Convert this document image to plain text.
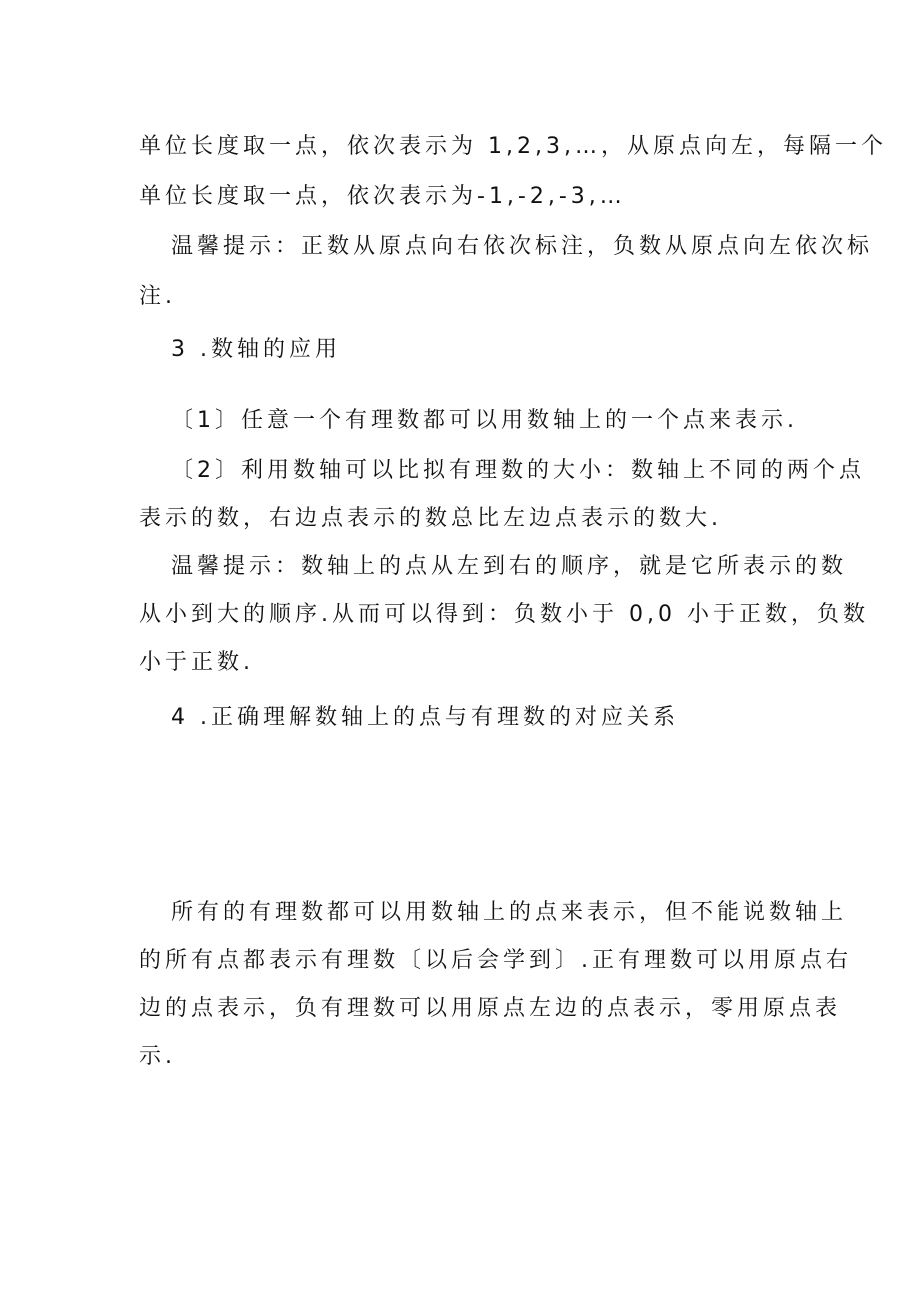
单位长度取一点，依次表示为 1,2,3,…，从原点向左，每隔一个
单位长度取一点，依次表示为-1,-2,-3,…
温馨提示：正数从原点向右依次标注，负数从原点向左依次标
注.
3 .数轴的应用
〔1〕任意一个有理数都可以用数轴上的一个点来表示.
〔2〕利用数轴可以比拟有理数的大小：数轴上不同的两个点
表示的数，右边点表示的数总比左边点表示的数大.
温馨提示：数轴上的点从左到右的顺序，就是它所表示的数
从小到大的顺序.从而可以得到：负数小于 0,0 小于正数，负数
小于正数.
4 .正确理解数轴上的点与有理数的对应关系
所有的有理数都可以用数轴上的点来表示，但不能说数轴上
的所有点都表示有理数〔以后会学到〕.正有理数可以用原点右
边的点表示，负有理数可以用原点左边的点表示，零用原点表
示.
